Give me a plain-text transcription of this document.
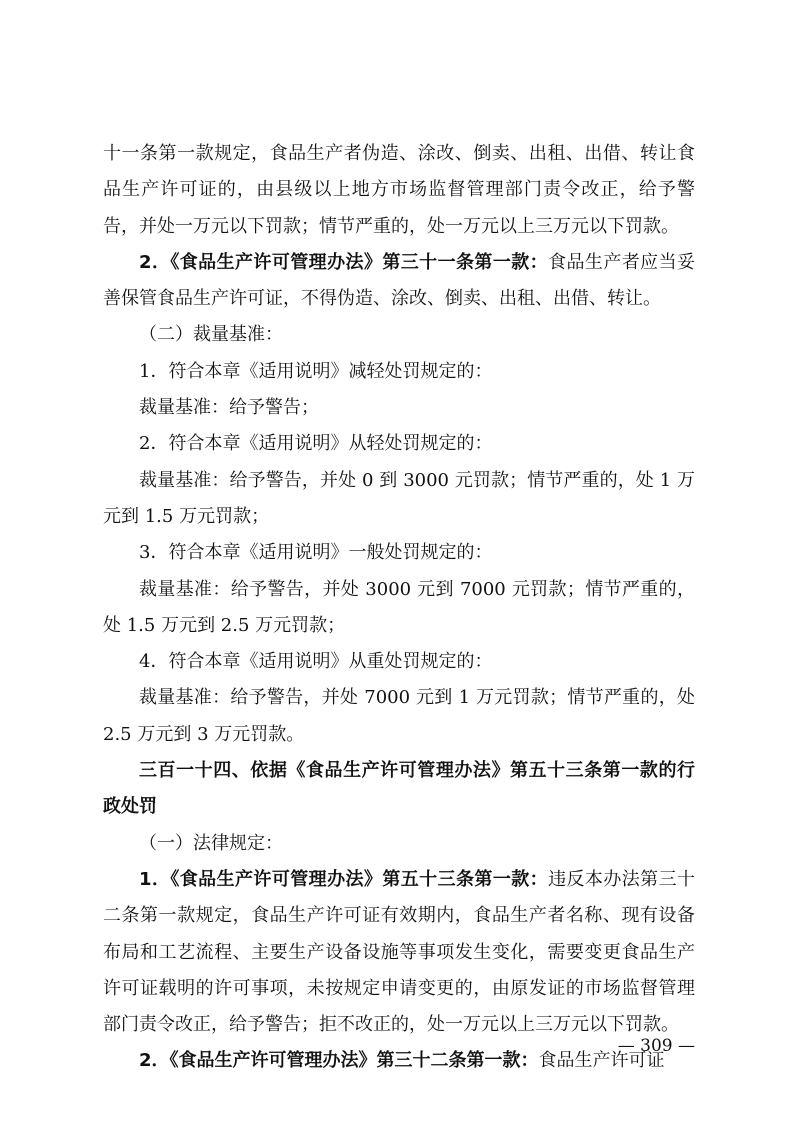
十一条第一款规定，食品生产者伪造、涂改、倒卖、出租、出借、转让食品生产许可证的，由县级以上地方市场监督管理部门责令改正，给予警告，并处一万元以下罚款；情节严重的，处一万元以上三万元以下罚款。

2．《食品生产许可管理办法》第三十一条第一款：食品生产者应当妥善保管食品生产许可证，不得伪造、涂改、倒卖、出租、出借、转让。

（二）裁量基准：

1．符合本章《适用说明》减轻处罚规定的：

裁量基准：给予警告；

2．符合本章《适用说明》从轻处罚规定的：

裁量基准：给予警告，并处 0 到 3000 元罚款；情节严重的，处 1 万元到 1.5 万元罚款；

3．符合本章《适用说明》一般处罚规定的：

裁量基准：给予警告，并处 3000 元到 7000 元罚款；情节严重的，处 1.5 万元到 2.5 万元罚款；

4．符合本章《适用说明》从重处罚规定的：

裁量基准：给予警告，并处 7000 元到 1 万元罚款；情节严重的，处 2.5 万元到 3 万元罚款。

三百一十四、依据《食品生产许可管理办法》第五十三条第一款的行政处罚

（一）法律规定：

1．《食品生产许可管理办法》第五十三条第一款：违反本办法第三十二条第一款规定，食品生产许可证有效期内，食品生产者名称、现有设备布局和工艺流程、主要生产设备设施等事项发生变化，需要变更食品生产许可证载明的许可事项，未按规定申请变更的，由原发证的市场监督管理部门责令改正，给予警告；拒不改正的，处一万元以上三万元以下罚款。

2．《食品生产许可管理办法》第三十二条第一款：食品生产许可证

— 309 —
